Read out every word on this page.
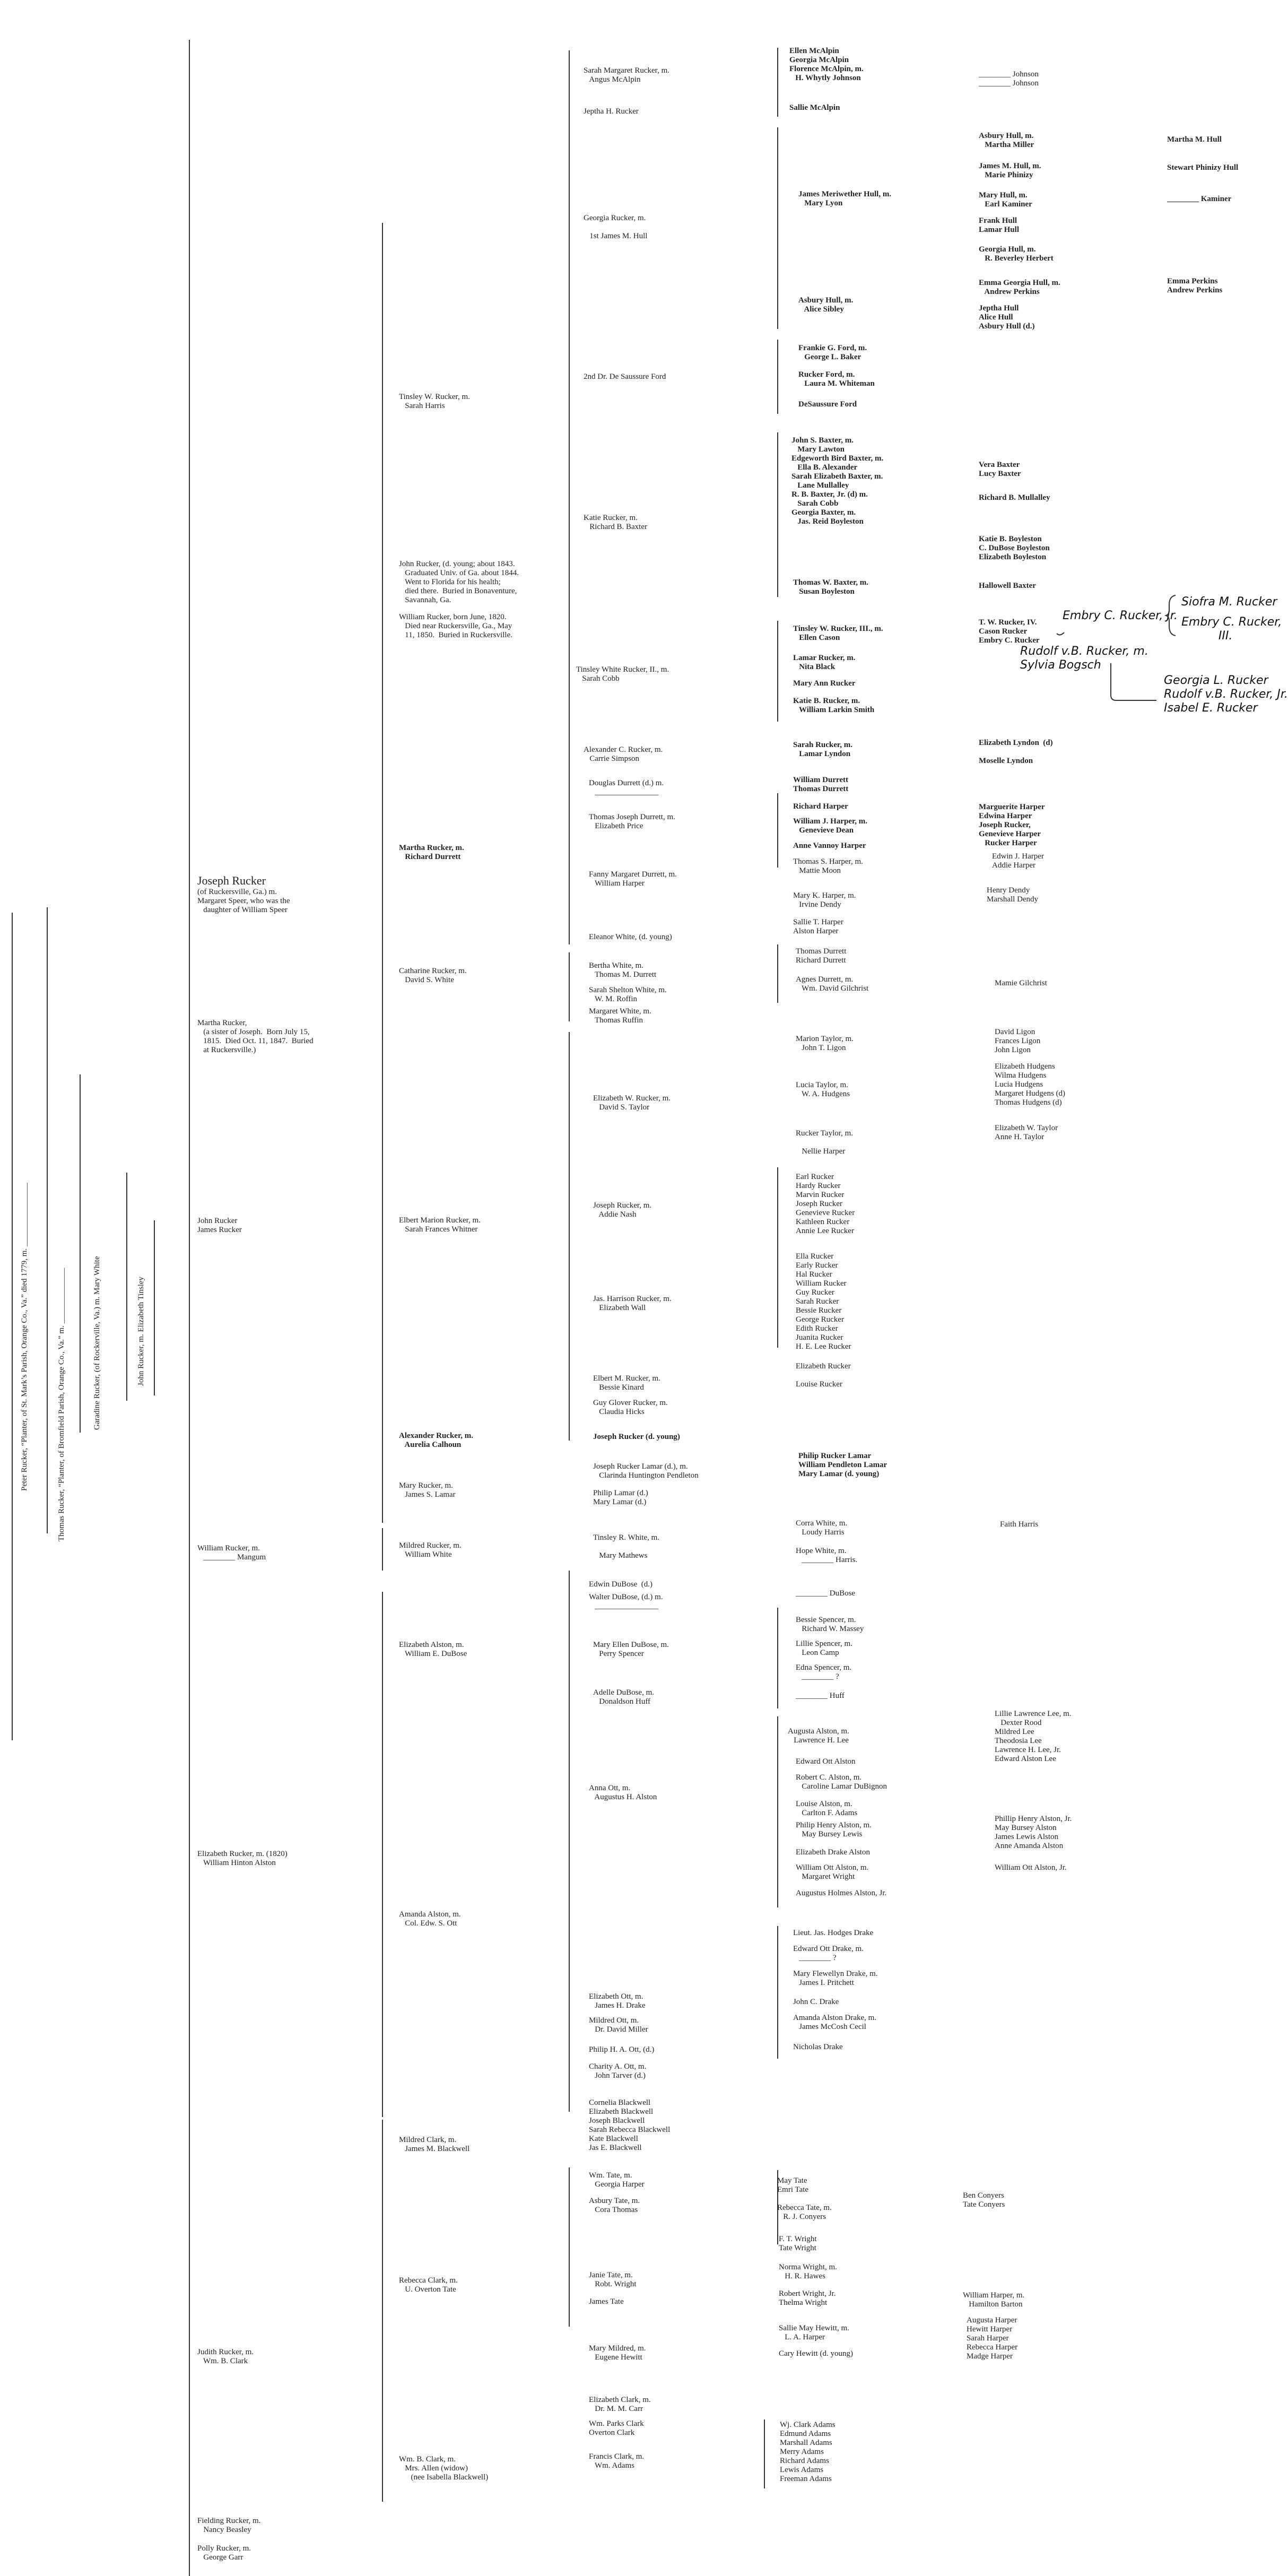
Peter Rucker, “Planter, of St. Mark’s Parish, Orange Co., Va.” died 1779, m. ________________	Thomas Rucker, “Planter, of Bromfield Parish, Orange Co., Va.” m. ______________	Garadine Rucker, (of Rockerville, Va.) m. Mary White	John Rucker, m. Elizabeth Tinsley
Joseph Rucker
(of Ruckersville, Ga.) m.
Margaret Speer, who was the
daughter of William Speer
Martha Rucker,
(a sister of Joseph.  Born July 15,
1815.  Died Oct. 11, 1847.  Buried
at Ruckersville.)
John Rucker
James Rucker
William Rucker, m.
________ Mangum
Elizabeth Rucker, m. (1820)
William Hinton Alston
Judith Rucker, m.
Wm. B. Clark
Fielding Rucker, m.
Nancy Beasley
Polly Rucker, m.
George Garr
Tinsley W. Rucker, m.
Sarah Harris
John Rucker, (d. young; about 1843.
Graduated Univ. of Ga. about 1844.
Went to Florida for his health;
died there.  Buried in Bonaventure,
Savannah, Ga.
William Rucker, born June, 1820.
Died near Ruckersville, Ga., May
11, 1850.  Buried in Ruckersville.
Martha Rucker, m.
Richard Durrett
Catharine Rucker, m.
David S. White
Elbert Marion Rucker, m.
Sarah Frances Whitner
Alexander Rucker, m.
Aurelia Calhoun
Mary Rucker, m.
James S. Lamar
Mildred Rucker, m.
William White
Elizabeth Alston, m.
William E. DuBose
Amanda Alston, m.
Col. Edw. S. Ott
Mildred Clark, m.
James M. Blackwell
Rebecca Clark, m.
U. Overton Tate
Wm. B. Clark, m.
Mrs. Allen (widow)
(nee Isabella Blackwell)
Sarah Margaret Rucker, m.
Angus McAlpin
Jeptha H. Rucker
Georgia Rucker, m.

1st James M. Hull
2nd Dr. De Saussure Ford
Katie Rucker, m.
Richard B. Baxter
Tinsley White Rucker, II., m.
Sarah Cobb
Alexander C. Rucker, m.
Carrie Simpson
Douglas Durrett (d.) m.
________________
Thomas Joseph Durrett, m.
Elizabeth Price
Fanny Margaret Durrett, m.
William Harper
Eleanor White, (d. young)
Bertha White, m.
Thomas M. Durrett
Sarah Shelton White, m.
W. M. Roffin
Margaret White, m.
Thomas Ruffin
Elizabeth W. Rucker, m.
David S. Taylor
Joseph Rucker, m.
Addie Nash
Jas. Harrison Rucker, m.
Elizabeth Wall
Elbert M. Rucker, m.
Bessie Kinard
Guy Glover Rucker, m.
Claudia Hicks
Joseph Rucker (d. young)
Joseph Rucker Lamar (d.), m.
Clarinda Huntington Pendleton
Philip Lamar (d.)
Mary Lamar (d.)
Tinsley R. White, m.

Mary Mathews
Edwin DuBose  (d.)
Walter DuBose, (d.) m.
________________
Mary Ellen DuBose, m.
Perry Spencer
Adelle DuBose, m.
Donaldson Huff
Anna Ott, m.
Augustus H. Alston
Elizabeth Ott, m.
James H. Drake
Mildred Ott, m.
Dr. David Miller
Philip H. A. Ott, (d.)
Charity A. Ott, m.
John Tarver (d.)
Cornelia Blackwell
Elizabeth Blackwell
Joseph Blackwell
Sarah Rebecca Blackwell
Kate Blackwell
Jas E. Blackwell
Wm. Tate, m.
Georgia Harper
Asbury Tate, m.
Cora Thomas
Janie Tate, m.
Robt. Wright
James Tate
Mary Mildred, m.
Eugene Hewitt
Elizabeth Clark, m.
Dr. M. M. Carr
Wm. Parks Clark
Overton Clark
Francis Clark, m.
Wm. Adams
Ellen McAlpin
Georgia McAlpin
Florence McAlpin, m.
H. Whytly Johnson
Sallie McAlpin
James Meriwether Hull, m.
Mary Lyon
Asbury Hull, m.
Alice Sibley
Frankie G. Ford, m.
George L. Baker
Rucker Ford, m.
Laura M. Whiteman
DeSaussure Ford
John S. Baxter, m.
Mary Lawton
Edgeworth Bird Baxter, m.
Ella B. Alexander
Sarah Elizabeth Baxter, m.
Lane Mullalley
R. B. Baxter, Jr. (d) m.
Sarah Cobb
Georgia Baxter, m.
Jas. Reid Boyleston
Thomas W. Baxter, m.
Susan Boyleston
Tinsley W. Rucker, III., m.
Ellen Cason
Lamar Rucker, m.
Nita Black
Mary Ann Rucker
Katie B. Rucker, m.
William Larkin Smith
Sarah Rucker, m.
Lamar Lyndon
William Durrett
Thomas Durrett
Richard Harper
William J. Harper, m.
Genevieve Dean
Anne Vannoy Harper
Thomas S. Harper, m.
Mattie Moon
Mary K. Harper, m.
Irvine Dendy
Sallie T. Harper
Alston Harper
Thomas Durrett
Richard Durrett
Agnes Durrett, m.
Wm. David Gilchrist
Marion Taylor, m.
John T. Ligon
Lucia Taylor, m.
W. A. Hudgens
Rucker Taylor, m.

Nellie Harper
Earl Rucker
Hardy Rucker
Marvin Rucker
Joseph Rucker
Genevieve Rucker
Kathleen Rucker
Annie Lee Rucker
Ella Rucker
Early Rucker
Hal Rucker
William Rucker
Guy Rucker
Sarah Rucker
Bessie Rucker
George Rucker
Edith Rucker
Juanita Rucker
H. E. Lee Rucker
Elizabeth Rucker

Louise Rucker
Philip Rucker Lamar
William Pendleton Lamar
Mary Lamar (d. young)
Corra White, m.
Loudy Harris
Hope White, m.
________ Harris.
________ DuBose
Bessie Spencer, m.
Richard W. Massey
Lillie Spencer, m.
Leon Camp
Edna Spencer, m.
________ ?
________ Huff
Augusta Alston, m.
Lawrence H. Lee
Edward Ott Alston
Robert C. Alston, m.
Caroline Lamar DuBignon
Louise Alston, m.
Carlton F. Adams
Philip Henry Alston, m.
May Bursey Lewis
Elizabeth Drake Alston
William Ott Alston, m.
Margaret Wright
Augustus Holmes Alston, Jr.
Lieut. Jas. Hodges Drake
Edward Ott Drake, m.
________ ?
Mary Flewellyn Drake, m.
James I. Pritchett
John C. Drake
Amanda Alston Drake, m.
James McCosh Cecil
Nicholas Drake
May Tate
Emri Tate
Rebecca Tate, m.
R. J. Conyers
F. T. Wright
Tate Wright
Norma Wright, m.
H. R. Hawes
Robert Wright, Jr.
Thelma Wright
Sallie May Hewitt, m.
L. A. Harper
Cary Hewitt (d. young)
Wj. Clark Adams
Edmund Adams
Marshall Adams
Merry Adams
Richard Adams
Lewis Adams
Freeman Adams
________ Johnson
________ Johnson
Asbury Hull, m.
Martha Miller
James M. Hull, m.
Marie Phinizy
Mary Hull, m.
Earl Kaminer
Frank Hull
Lamar Hull
Georgia Hull, m.
R. Beverley Herbert
Emma Georgia Hull, m.
Andrew Perkins
Jeptha Hull
Alice Hull
Asbury Hull (d.)
Vera Baxter
Lucy Baxter
Richard B. Mullalley
Katie B. Boyleston
C. DuBose Boyleston
Elizabeth Boyleston
Hallowell Baxter
T. W. Rucker, IV.
Cason Rucker
Embry C. Rucker
Elizabeth Lyndon  (d)

Moselle Lyndon
Marguerite Harper
Edwina Harper
Joseph Rucker,
Genevieve Harper
Rucker Harper
Edwin J. Harper
Addie Harper
Henry Dendy
Marshall Dendy
Mamie Gilchrist
David Ligon
Frances Ligon
John Ligon
Elizabeth Hudgens
Wilma Hudgens
Lucia Hudgens
Margaret Hudgens (d)
Thomas Hudgens (d)
Elizabeth W. Taylor
Anne H. Taylor
Faith Harris
Lillie Lawrence Lee, m.
Dexter Rood
Mildred Lee
Theodosia Lee
Lawrence H. Lee, Jr.
Edward Alston Lee
Phillip Henry Alston, Jr.
May Bursey Alston
James Lewis Alston
Anne Amanda Alston
William Ott Alston, Jr.
Ben Conyers
Tate Conyers
William Harper, m.
Hamilton Barton
Augusta Harper
Hewitt Harper
Sarah Harper
Rebecca Harper
Madge Harper
Martha M. Hull
Stewart Phinizy Hull
________ Kaminer
Emma Perkins
Andrew Perkins
Embry C. Rucker, Jr.
Siofra M. Rucker
Embry C. Rucker,
III.
Rudolf v.B. Rucker, m.
Sylvia Bogsch
Georgia L. Rucker
Rudolf v.B. Rucker, Jr.
Isabel E. Rucker
